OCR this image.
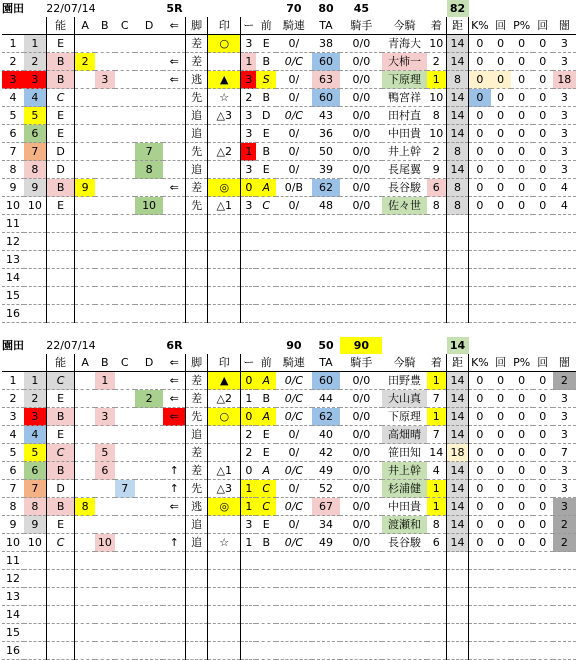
園田		22/07/14					5R					70	80	45			82					
		能	A	B	C	D	⇐	脚	印	ー	前	騎連	TA	騎手	今騎	着	距	K%	回	P%	回	闇
1	1	E						差	○	3	E	0/	38	0/0	青海大	10	14	0	0	0	0	3
2	2	B	2				⇐	差		1	B	0/C	60	0/0	大柿一	2	14	0	0	0	0	3
3	3	B		3			⇐	逃	▲	3	S	0/	63	0/0	下原理	1	8	0	0	0	0	18
4	4	C						先	☆	2	B	0/	60	0/0	鴨宮祥	10	14	0	0	0	0	3
5	5	E						追	△3	3	D	0/C	43	0/0	田村直	8	14	0	0	0	0	3
6	6	E						追		3	E	0/	36	0/0	中田貴	10	14	0	0	0	0	3
7	7	D				7		先	△2	1	B	0/	50	0/0	井上幹	2	8	0	0	0	0	3
8	8	D				8		追		3	E	0/	39	0/0	長尾翼	9	14	0	0	0	0	3
9	9	B	9				⇐	差	◎	0	A	0/B	62	0/0	長谷駿	6	8	0	0	0	0	4
10	10	E				10		先	△1	3	C	0/	48	0/0	佐々世	8	8	0	0	0	0	4
11																						
12																						
13																						
14																						
15																						
16																						
園田		22/07/14					6R					90	50	90			14					
		能	A	B	C	D	⇐	脚	印	ー	前	騎連	TA	騎手	今騎	着	距	K%	回	P%	回	闇
1	1	C		1			⇐	差	▲	0	A	0/C	60	0/0	田野豊	1	14	0	0	0	0	2
2	2	E				2	⇐	差	△2	1	B	0/C	44	0/0	大山真	7	14	0	0	0	0	3
3	3	B		3			⇐	先	○	0	A	0/C	62	0/0	下原理	1	14	0	0	0	0	3
4	4	E						追		2	E	0/	40	0/0	高畑晴	7	14	0	0	0	0	3
5	5	C		5				差		2	E	0/	42	0/0	笹田知	14	18	0	0	0	0	7
6	6	B		6			↑	差	△1	0	A	0/C	49	0/0	井上幹	4	14	0	0	0	0	3
7	7	D			7		↑	先	△3	1	C	0/	52	0/0	杉浦健	1	14	0	0	0	0	3
8	8	B	8				⇐	逃	◎	1	C	0/C	67	0/0	中田貴	1	14	0	0	0	0	3
9	9	E						追		3	E	0/	34	0/0	渡瀬和	8	14	0	0	0	0	2
10	10	C		10			↑	追	☆	1	B	0/C	49	0/0	長谷駿	6	14	0	0	0	0	2
11																						
12																						
13																						
14																						
15																						
16																						
